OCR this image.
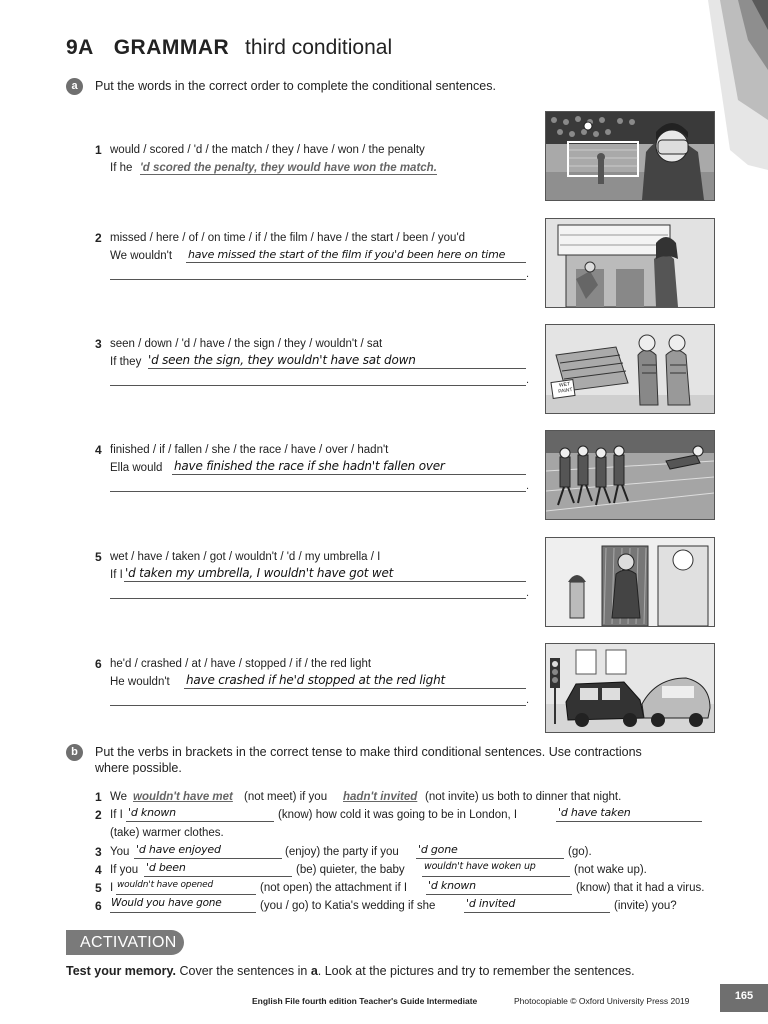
9A GRAMMAR third conditional
a	Put the words in the correct order to complete the conditional sentences.
1 would / scored / 'd / the match / they / have / won / the penalty
If he 'd scored the penalty, they would have won the match.
2 missed / here / of / on time / if / the film / have / the start / been / you'd
We wouldn't have missed the start of the film if you'd been here on time
.
3 seen / down / 'd / have / the sign / they / wouldn't / sat
If they 'd seen the sign, they wouldn't have sat down
.
4 finished / if / fallen / she / the race / have / over / hadn't
Ella would have finished the race if she hadn't fallen over
.
5 wet / have / taken / got / wouldn't / 'd / my umbrella / I
If I 'd taken my umbrella, I wouldn't have got wet
.
6 he'd / crashed / at / have / stopped / if / the red light
He wouldn't have crashed if he'd stopped at the red light
.
WET PAINT
b	Put the verbs in brackets in the correct tense to make third conditional sentences. Use contractions
where possible.
1 We wouldn't have met (not meet) if you hadn't invited (not invite) us both to dinner that night.
2 If I 'd known	(know) how cold it was going to be in London, I	'd have taken
(take) warmer clothes.
3 You 'd have enjoyed	(enjoy) the party if you 'd gone	(go).
4 If you 'd been	(be) quieter, the baby wouldn't have woken up	(not wake up).
5 I wouldn't have opened	(not open) the attachment if I 'd known	(know) that it had a virus.
6 Would you have gone	(you / go) to Katia's wedding if she	'd invited	(invite) you?
ACTIVATION
Test your memory. Cover the sentences in a. Look at the pictures and try to remember the sentences.
English File fourth edition Teacher's Guide Intermediate	Photocopiable © Oxford University Press 2019	165
